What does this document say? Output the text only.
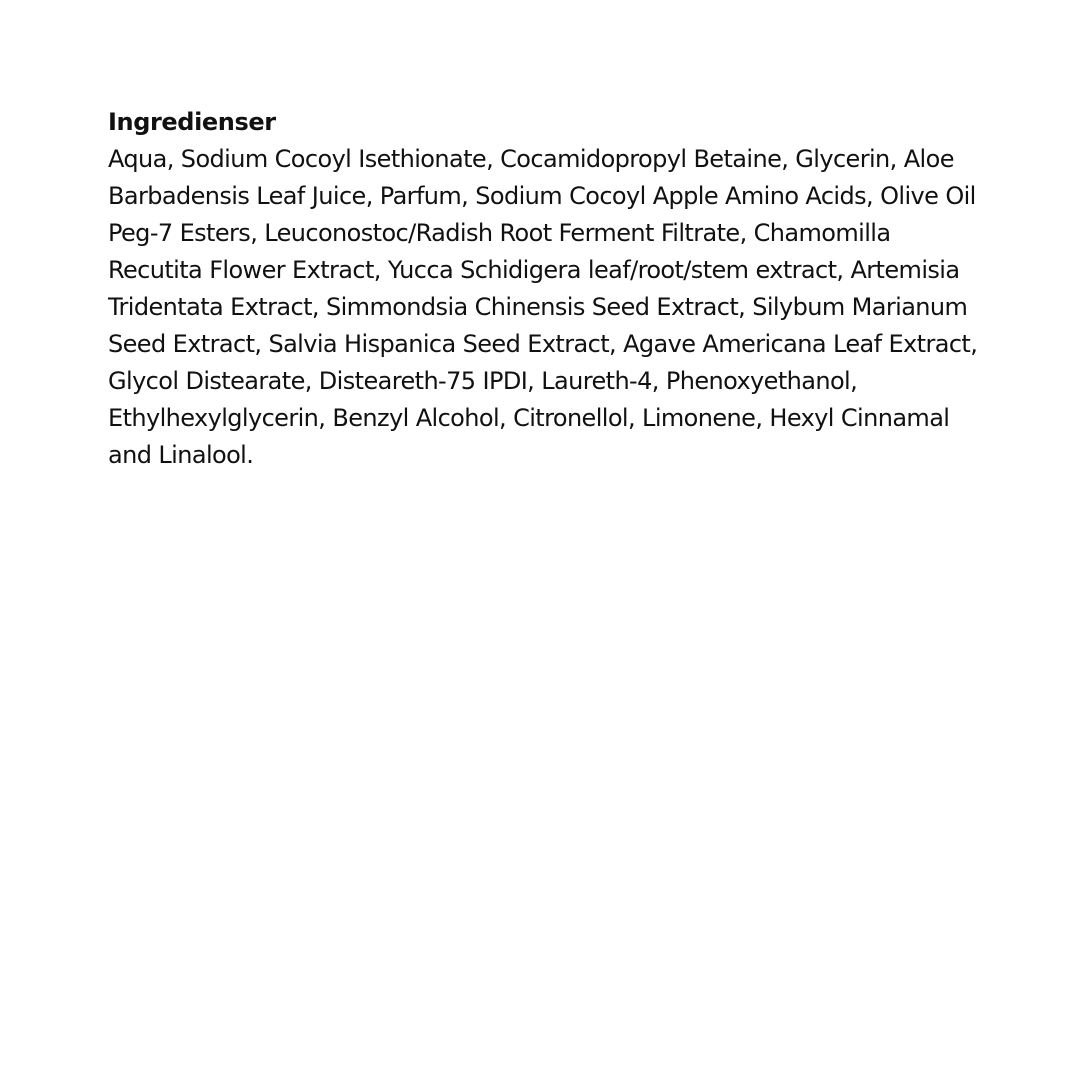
Ingredienser

Aqua, Sodium Cocoyl Isethionate, Cocamidopropyl Betaine, Glycerin, Aloe Barbadensis Leaf Juice, Parfum, Sodium Cocoyl Apple Amino Acids, Olive Oil Peg-7 Esters, Leuconostoc/Radish Root Ferment Filtrate, Chamomilla Recutita Flower Extract, Yucca Schidigera leaf/root/stem extract, Artemisia Tridentata Extract, Simmondsia Chinensis Seed Extract, Silybum Marianum Seed Extract, Salvia Hispanica Seed Extract, Agave Americana Leaf Extract, Glycol Distearate, Disteareth-75 IPDI, Laureth-4, Phenoxyethanol, Ethylhexylglycerin, Benzyl Alcohol, Citronellol, Limonene, Hexyl Cinnamal and Linalool.
